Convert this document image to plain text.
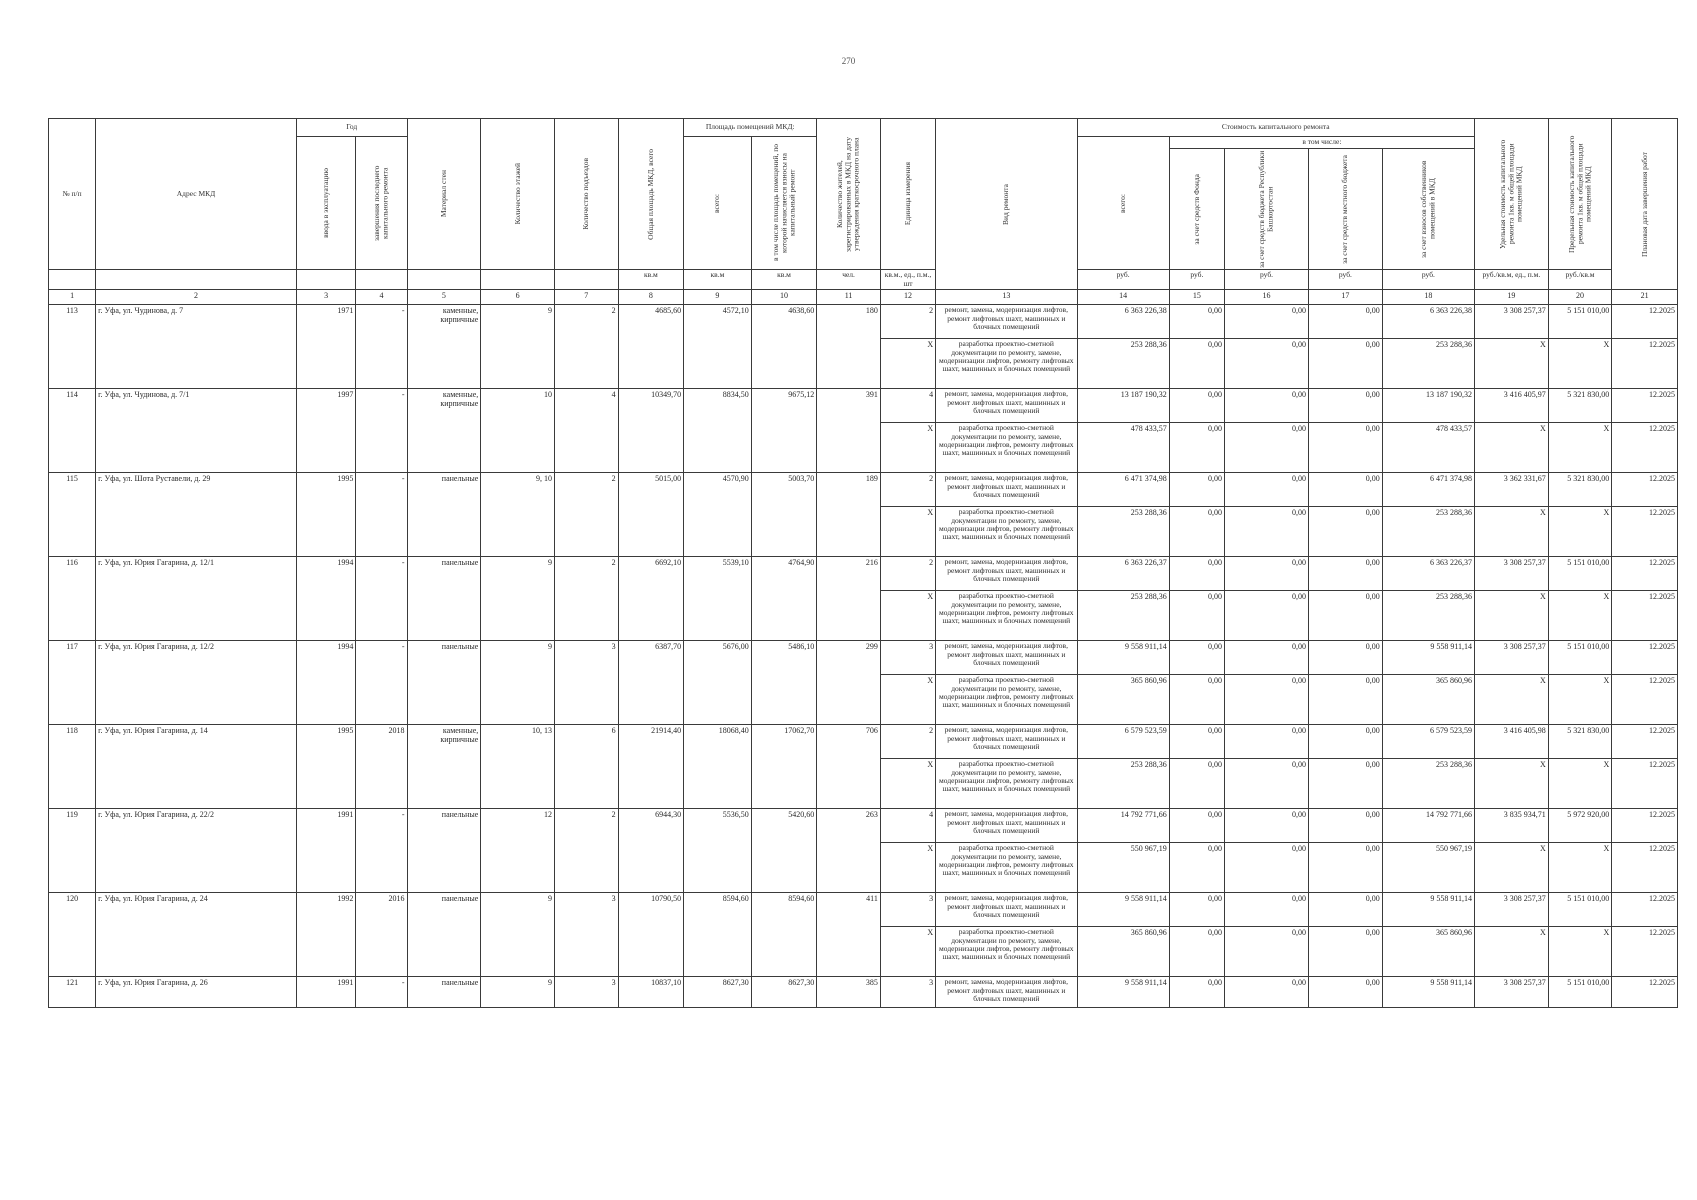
270
№ п/п	Адрес МКД	Год		Материал стен	Количество этажей	Количество подъездов	Общая площадь МКД, всего	Площадь помещений МКД:		Количество жителей, зарегистрированных в МКД на дату утверждения краткосрочного плана	Единица измерения	Вид ремонта	Стоимость капитального ремонта					Удельная стоимость капитального ремонта 1кв. м общей площади помещений МКД	Предельная стоимость капитального ремонта 1кв. м общей площади помещений МКД	Плановая дата завершения работ

		ввода в эксплуатацию	завершения последнего капитального ремонта					всего:	в том числе площадь помещений, по которой начисляется взносы на капитальный ремонт				всего:	в том числе:						

														за счет средств Фонда	за счет средств бюджета Республики Башкортостан	за счет средств местного бюджета	за счет взносов собственников помещений в МКД			

							кв.м	кв.м	кв.м	чел.	кв.м., ед., п.м., шт		руб.	руб.	руб.	руб.	руб.	руб./кв.м, ед., п.м.	руб./кв.м	
1	2	3	4	5	6	7	8	9	10	11	12	13	14	15	16	17	18	19	20	21
113	г. Уфа, ул. Чудинова, д. 7	1971	-	каменные, кирпичные	9	2	4685,60	4572,10	4638,60	180	2	ремонт, замена, модернизация лифтов, ремонт лифтовых шахт, машинных и блочных помещений	6 363 226,38	0,00	0,00	0,00	6 363 226,38	3 308 257,37	5 151 010,00	12.2025
											X	разработка проектно-сметной документации по ремонту, замене, модернизации лифтов, ремонту лифтовых шахт, машинных и блочных помещений	253 288,36	0,00	0,00	0,00	253 288,36	X	X	12.2025
114	г. Уфа, ул. Чудинова, д. 7/1	1997	-	каменные, кирпичные	10	4	10349,70	8834,50	9675,12	391	4	ремонт, замена, модернизация лифтов, ремонт лифтовых шахт, машинных и блочных помещений	13 187 190,32	0,00	0,00	0,00	13 187 190,32	3 416 405,97	5 321 830,00	12.2025
											X	разработка проектно-сметной документации по ремонту, замене, модернизации лифтов, ремонту лифтовых шахт, машинных и блочных помещений	478 433,57	0,00	0,00	0,00	478 433,57	X	X	12.2025
115	г. Уфа, ул. Шота Руставели, д. 29	1995	-	панельные	9, 10	2	5015,00	4570,90	5003,70	189	2	ремонт, замена, модернизация лифтов, ремонт лифтовых шахт, машинных и блочных помещений	6 471 374,98	0,00	0,00	0,00	6 471 374,98	3 362 331,67	5 321 830,00	12.2025
											X	разработка проектно-сметной документации по ремонту, замене, модернизации лифтов, ремонту лифтовых шахт, машинных и блочных помещений	253 288,36	0,00	0,00	0,00	253 288,36	X	X	12.2025
116	г. Уфа, ул. Юрия Гагарина, д. 12/1	1994	-	панельные	9	2	6692,10	5539,10	4764,90	216	2	ремонт, замена, модернизация лифтов, ремонт лифтовых шахт, машинных и блочных помещений	6 363 226,37	0,00	0,00	0,00	6 363 226,37	3 308 257,37	5 151 010,00	12.2025
											X	разработка проектно-сметной документации по ремонту, замене, модернизации лифтов, ремонту лифтовых шахт, машинных и блочных помещений	253 288,36	0,00	0,00	0,00	253 288,36	X	X	12.2025
117	г. Уфа, ул. Юрия Гагарина, д. 12/2	1994	-	панельные	9	3	6387,70	5676,00	5486,10	299	3	ремонт, замена, модернизация лифтов, ремонт лифтовых шахт, машинных и блочных помещений	9 558 911,14	0,00	0,00	0,00	9 558 911,14	3 308 257,37	5 151 010,00	12.2025
											X	разработка проектно-сметной документации по ремонту, замене, модернизации лифтов, ремонту лифтовых шахт, машинных и блочных помещений	365 860,96	0,00	0,00	0,00	365 860,96	X	X	12.2025
118	г. Уфа, ул. Юрия Гагарина, д. 14	1995	2018	каменные, кирпичные	10, 13	6	21914,40	18068,40	17062,70	706	2	ремонт, замена, модернизация лифтов, ремонт лифтовых шахт, машинных и блочных помещений	6 579 523,59	0,00	0,00	0,00	6 579 523,59	3 416 405,98	5 321 830,00	12.2025
											X	разработка проектно-сметной документации по ремонту, замене, модернизации лифтов, ремонту лифтовых шахт, машинных и блочных помещений	253 288,36	0,00	0,00	0,00	253 288,36	X	X	12.2025
119	г. Уфа, ул. Юрия Гагарина, д. 22/2	1991	-	панельные	12	2	6944,30	5536,50	5420,60	263	4	ремонт, замена, модернизация лифтов, ремонт лифтовых шахт, машинных и блочных помещений	14 792 771,66	0,00	0,00	0,00	14 792 771,66	3 835 934,71	5 972 920,00	12.2025
											X	разработка проектно-сметной документации по ремонту, замене, модернизации лифтов, ремонту лифтовых шахт, машинных и блочных помещений	550 967,19	0,00	0,00	0,00	550 967,19	X	X	12.2025
120	г. Уфа, ул. Юрия Гагарина, д. 24	1992	2016	панельные	9	3	10790,50	8594,60	8594,60	411	3	ремонт, замена, модернизация лифтов, ремонт лифтовых шахт, машинных и блочных помещений	9 558 911,14	0,00	0,00	0,00	9 558 911,14	3 308 257,37	5 151 010,00	12.2025
											X	разработка проектно-сметной документации по ремонту, замене, модернизации лифтов, ремонту лифтовых шахт, машинных и блочных помещений	365 860,96	0,00	0,00	0,00	365 860,96	X	X	12.2025
121	г. Уфа, ул. Юрия Гагарина, д. 26	1991	-	панельные	9	3	10837,10	8627,30	8627,30	385	3	ремонт, замена, модернизация лифтов, ремонт лифтовых шахт, машинных и блочных помещений	9 558 911,14	0,00	0,00	0,00	9 558 911,14	3 308 257,37	5 151 010,00	12.2025
